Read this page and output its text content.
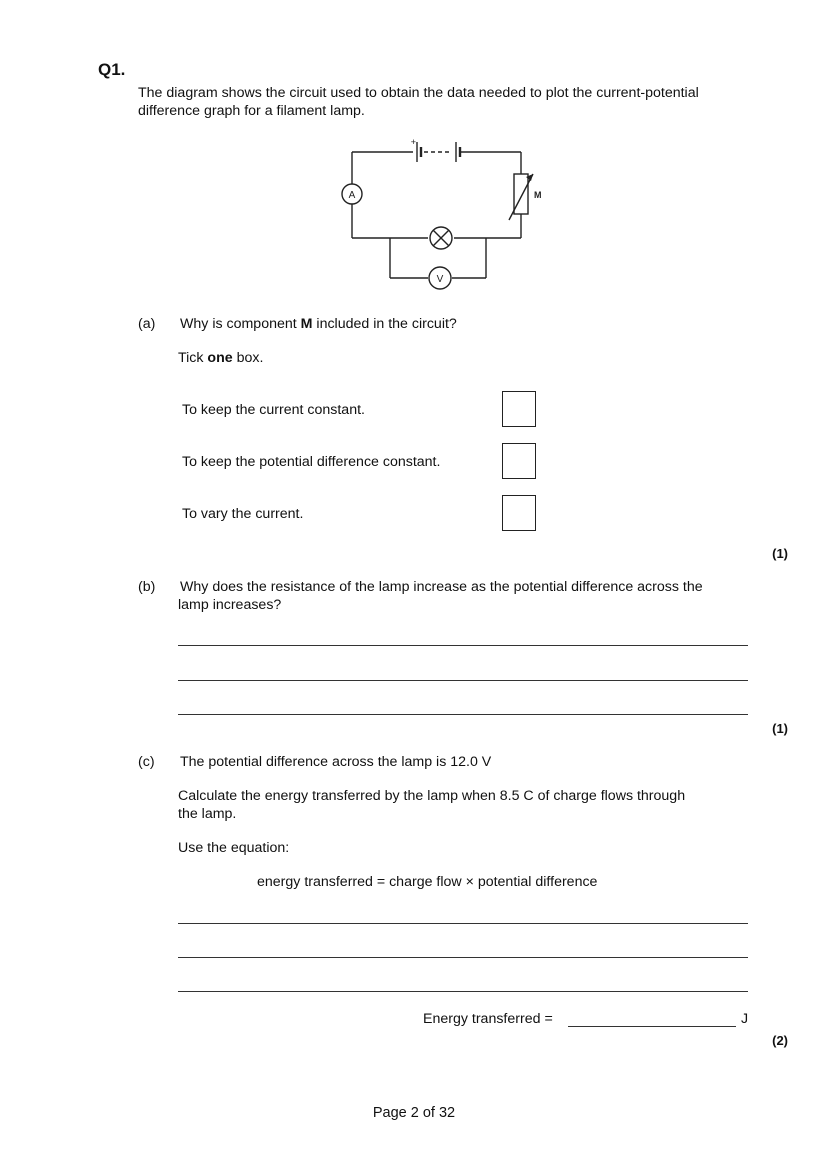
Q1.
The diagram shows the circuit used to obtain the data needed to plot the current-potential
difference graph for a filament lamp.
+
A
V
M
(a) Why is component M included in the circuit?
Tick one box.
To keep the current constant.
To keep the potential difference constant.
To vary the current.
(1)
(b) Why does the resistance of the lamp increase as the potential difference across the
lamp increases?
(1)
(c) The potential difference across the lamp is 12.0 V
Calculate the energy transferred by the lamp when 8.5 C of charge flows through
the lamp.
Use the equation:
energy transferred = charge flow × potential difference
Energy transferred =	J
(2)
Page 2 of 32
